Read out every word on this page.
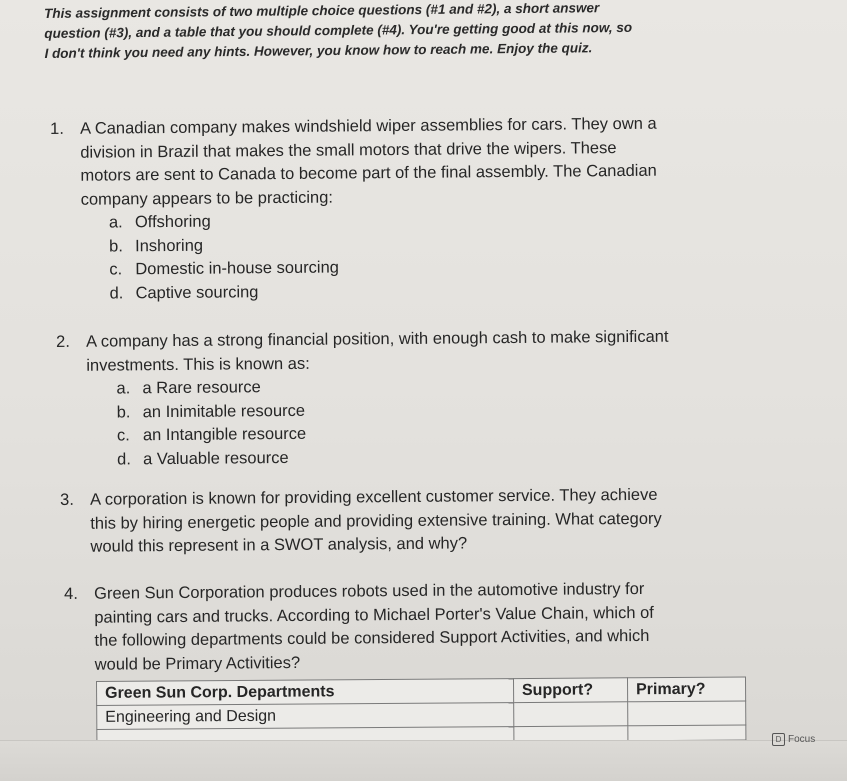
This assignment consists of two multiple choice questions (#1 and #2), a short answer
question (#3), and a table that you should complete (#4). You're getting good at this now, so
I don't think you need any hints. However, you know how to reach me. Enjoy the quiz.
1. A Canadian company makes windshield wiper assemblies for cars. They own a
division in Brazil that makes the small motors that drive the wipers. These
motors are sent to Canada to become part of the final assembly. The Canadian
company appears to be practicing:
a. Offshoring
b. Inshoring
c. Domestic in-house sourcing
d. Captive sourcing
2. A company has a strong financial position, with enough cash to make significant
investments. This is known as:
a. a Rare resource
b. an Inimitable resource
c. an Intangible resource
d. a Valuable resource
3. A corporation is known for providing excellent customer service. They achieve
this by hiring energetic people and providing extensive training. What category
would this represent in a SWOT analysis, and why?
4. Green Sun Corporation produces robots used in the automotive industry for
painting cars and trucks. According to Michael Porter's Value Chain, which of
the following departments could be considered Support Activities, and which
would be Primary Activities?
Green Sun Corp. Departments	Support?	Primary?
Engineering and Design		

D Focus
